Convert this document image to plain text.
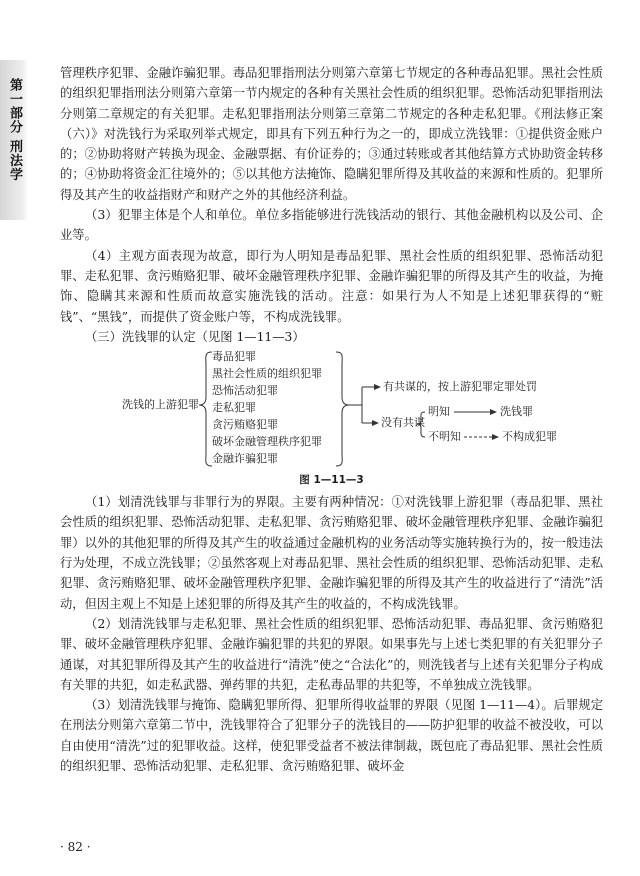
第一部分 刑法学

管理秩序犯罪、金融诈骗犯罪。毒品犯罪指刑法分则第六章第七节规定的各种毒品犯罪。黑社会性质的组织犯罪指刑法分则第六章第一节内规定的各种有关黑社会性质的组织犯罪。恐怖活动犯罪指刑法分则第二章规定的有关犯罪。走私犯罪指刑法分则第三章第二节规定的各种走私犯罪。《刑法修正案（六）》对洗钱行为采取列举式规定，即具有下列五种行为之一的，即成立洗钱罪：①提供资金账户的；②协助将财产转换为现金、金融票据、有价证券的；③通过转账或者其他结算方式协助资金转移的；④协助将资金汇往境外的；⑤以其他方法掩饰、隐瞒犯罪所得及其收益的来源和性质的。犯罪所得及其产生的收益指财产和财产之外的其他经济利益。

（3）犯罪主体是个人和单位。单位多指能够进行洗钱活动的银行、其他金融机构以及公司、企业等。

（4）主观方面表现为故意，即行为人明知是毒品犯罪、黑社会性质的组织犯罪、恐怖活动犯罪、走私犯罪、贪污贿赂犯罪、破坏金融管理秩序犯罪、金融诈骗犯罪的所得及其产生的收益，为掩饰、隐瞒其来源和性质而故意实施洗钱的活动。注意：如果行为人不知是上述犯罪获得的“赃钱”、“黑钱”，而提供了资金账户等，不构成洗钱罪。

（三）洗钱罪的认定（见图 1—11—3）

洗钱的上游犯罪
毒品犯罪
黑社会性质的组织犯罪
恐怖活动犯罪
走私犯罪
贪污贿赂犯罪
破坏金融管理秩序犯罪
金融诈骗犯罪
有共谋的，按上游犯罪定罪处罚
没有共谋
明知	洗钱罪
不明知	不构成犯罪
图 1—11—3

（1）划清洗钱罪与非罪行为的界限。主要有两种情况：①对洗钱罪上游犯罪（毒品犯罪、黑社会性质的组织犯罪、恐怖活动犯罪、走私犯罪、贪污贿赂犯罪、破坏金融管理秩序犯罪、金融诈骗犯罪）以外的其他犯罪的所得及其产生的收益通过金融机构的业务活动等实施转换行为的，按一般违法行为处理，不成立洗钱罪；②虽然客观上对毒品犯罪、黑社会性质的组织犯罪、恐怖活动犯罪、走私犯罪、贪污贿赂犯罪、破坏金融管理秩序犯罪、金融诈骗犯罪的所得及其产生的收益进行了“清洗”活动，但因主观上不知是上述犯罪的所得及其产生的收益的，不构成洗钱罪。

（2）划清洗钱罪与走私犯罪、黑社会性质的组织犯罪、恐怖活动犯罪、毒品犯罪、贪污贿赂犯罪、破坏金融管理秩序犯罪、金融诈骗犯罪的共犯的界限。如果事先与上述七类犯罪的有关犯罪分子通谋，对其犯罪所得及其产生的收益进行“清洗”使之“合法化”的，则洗钱者与上述有关犯罪分子构成有关罪的共犯，如走私武器、弹药罪的共犯，走私毒品罪的共犯等，不单独成立洗钱罪。

（3）划清洗钱罪与掩饰、隐瞒犯罪所得、犯罪所得收益罪的界限（见图 1—11—4）。后罪规定在刑法分则第六章第二节中，洗钱罪符合了犯罪分子的洗钱目的——防护犯罪的收益不被没收，可以自由使用“清洗”过的犯罪收益。这样，使犯罪受益者不被法律制裁，既包庇了毒品犯罪、黑社会性质的组织犯罪、恐怖活动犯罪、走私犯罪、贪污贿赂犯罪、破坏金

· 82 ·
